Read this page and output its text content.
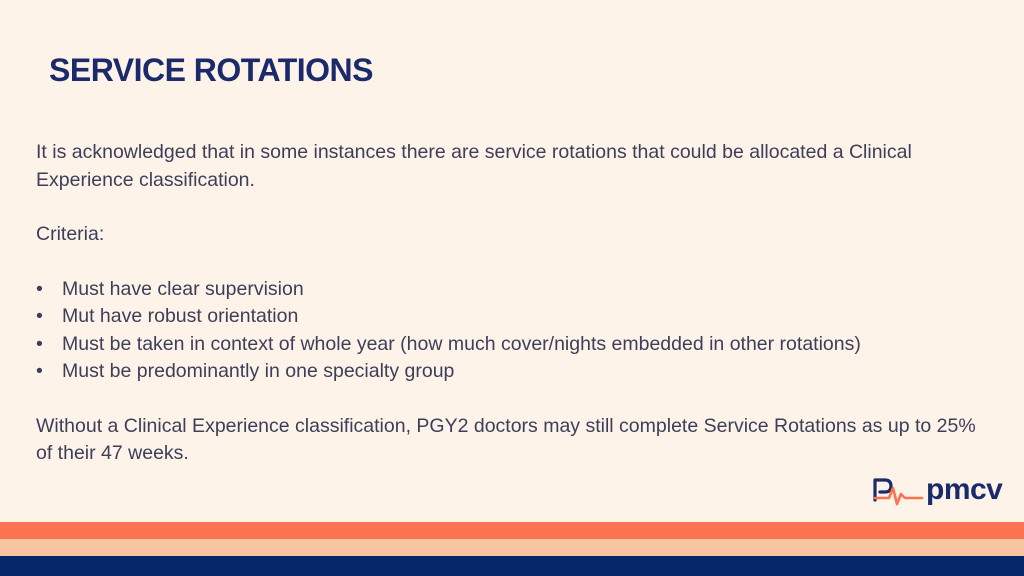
SERVICE ROTATIONS

It is acknowledged that in some instances there are service rotations that could be allocated a Clinical Experience classification.

Criteria:

• Must have clear supervision
• Mut have robust orientation
• Must be taken in context of whole year (how much cover/nights embedded in other rotations)
• Must be predominantly in one specialty group

Without a Clinical Experience classification, PGY2 doctors may still complete Service Rotations as up to 25% of their 47 weeks.

pmcv
